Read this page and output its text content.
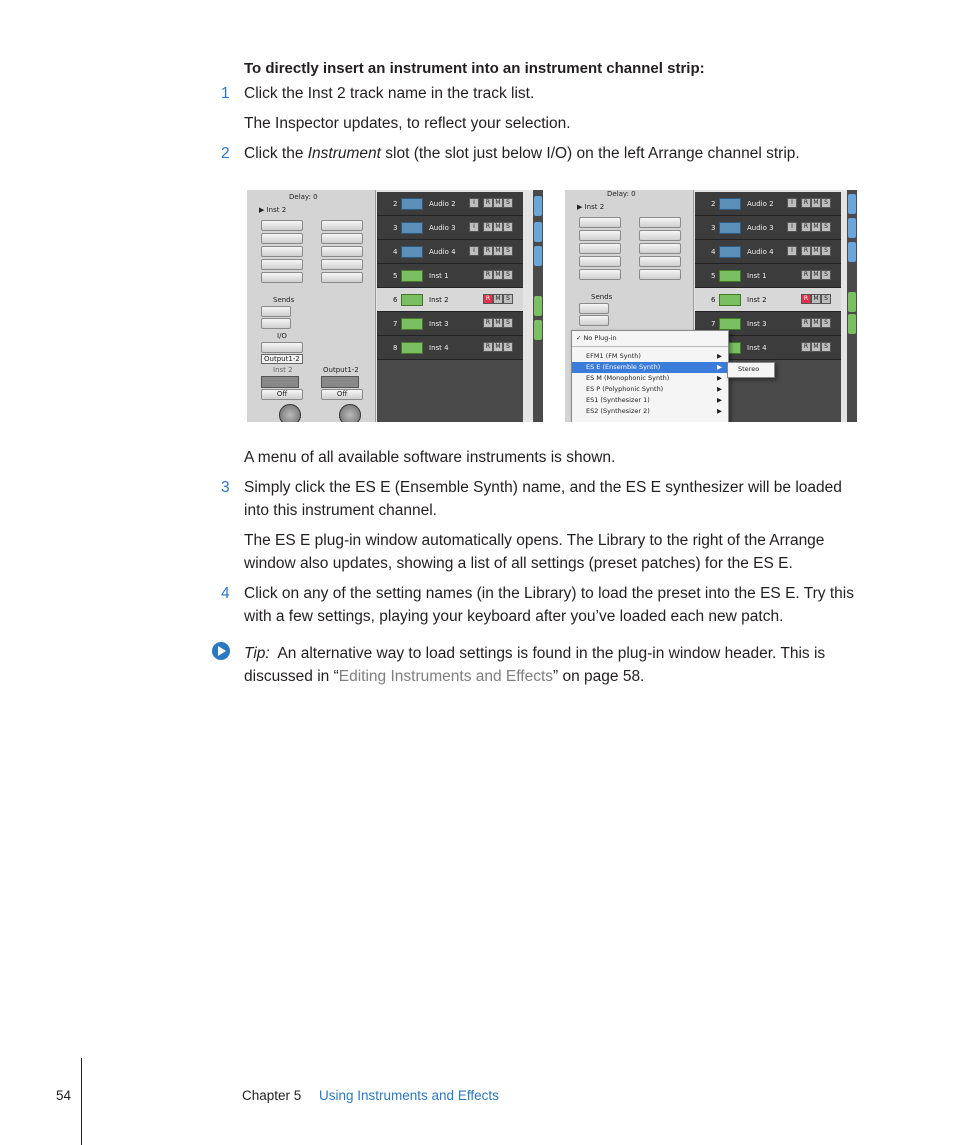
To directly insert an instrument into an instrument channel strip:
1 Click the Inst 2 track name in the track list.
The Inspector updates, to reflect your selection.
2 Click the Instrument slot (the slot just below I/O) on the left Arrange channel strip.
Delay: 0
▶ Inst 2
Sends
I/O
Output1-2
Output1-2
Inst 2
Off	Off
2	Audio 2	I	R M S
3	Audio 3	I	R M S
4	Audio 4	I	R M S
5	Inst 1	R M S
6	Inst 2	R M S
7	Inst 3	R M S
8	Inst 4	R M S
Delay: 0
▶ Inst 2
Sends
2	Audio 2	I	R M S
3	Audio 3	I	R M S
4	Audio 4	I	R M S
5	Inst 1	R M S
6	Inst 2	R M S
7	Inst 3	R M S
Inst 4	R M S
✓ No Plug-in
EFM1 (FM Synth)	▶
ES E (Ensemble Synth)	▶
ES M (Monophonic Synth)	▶
ES P (Polyphonic Synth)	▶
ES1 (Synthesizer 1)	▶
ES2 (Synthesizer 2)	▶
Stereo
A menu of all available software instruments is shown.
3 Simply click the ES E (Ensemble Synth) name, and the ES E synthesizer will be loaded into this instrument channel.
The ES E plug-in window automatically opens. The Library to the right of the Arrange window also updates, showing a list of all settings (preset patches) for the ES E.
4 Click on any of the setting names (in the Library) to load the preset into the ES E. Try this with a few settings, playing your keyboard after you’ve loaded each new patch.
Tip: An alternative way to load settings is found in the plug-in window header. This is discussed in “Editing Instruments and Effects” on page 58.
54	Chapter 5 Using Instruments and Effects
